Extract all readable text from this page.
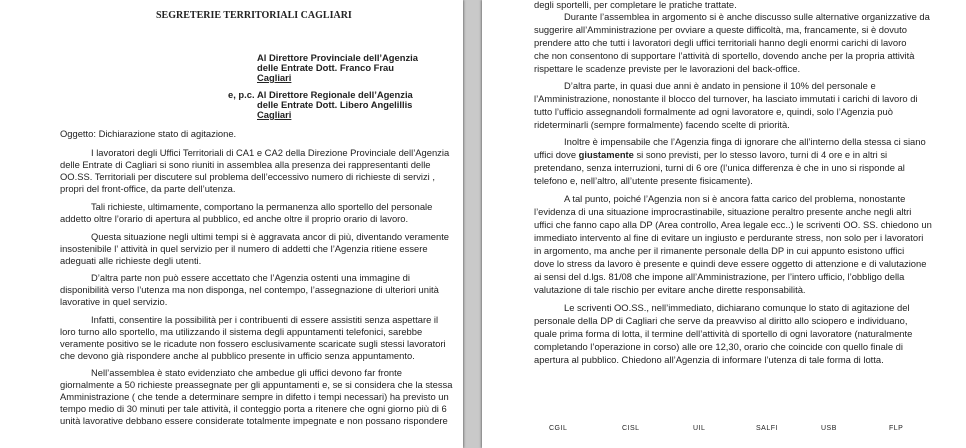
SEGRETERIE TERRITORIALI CAGLIARI
Al Direttore Provinciale dell’Agenzia
delle Entrate Dott. Franco Frau
Cagliari
e, p.c. Al Direttore Regionale dell’Agenzia
delle Entrate Dott. Libero Angelillis
Cagliari
Oggetto: Dichiarazione stato di agitazione.
I lavoratori degli Uffici Territoriali di CA1 e CA2 della Direzione Provinciale dell’Agenzia
delle Entrate di Cagliari si sono riuniti in assemblea alla presenza dei rappresentanti delle
OO.SS. Territoriali per discutere sul problema dell’eccessivo numero di richieste di servizi ,
propri del front-office, da parte dell’utenza.
Tali richieste, ultimamente, comportano la permanenza allo sportello del personale
addetto oltre l’orario di apertura al pubblico, ed anche oltre il proprio orario di lavoro.
Questa situazione negli ultimi tempi si è aggravata ancor di più, diventando veramente
insostenibile l’ attività in quel servizio per il numero di addetti che l’Agenzia ritiene essere
adeguati alle richieste degli utenti.
D’altra parte non può essere accettato che l’Agenzia ostenti una immagine di
disponibilità verso l’utenza ma non disponga, nel contempo, l’assegnazione di ulteriori unità
lavorative in quel servizio.
Infatti, consentire la possibilità per i contribuenti di essere assistiti senza aspettare il
loro turno allo sportello, ma utilizzando il sistema degli appuntamenti telefonici, sarebbe
veramente positivo se le ricadute non fossero esclusivamente scaricate sugli stessi lavoratori
che devono già rispondere anche al pubblico presente in ufficio senza appuntamento.
Nell’assemblea è stato evidenziato che ambedue gli uffici devono far fronte
giornalmente a 50 richieste preassegnate per gli appuntamenti e, se si considera che la stessa
Amministrazione ( che tende a determinare sempre in difetto i tempi necessari) ha previsto un
tempo medio di 30 minuti per tale attività, il conteggio porta a ritenere che ogni giorno più di 6
unità lavorative debbano essere considerate totalmente impegnate e non possano rispondere
degli sportelli, per completare le pratiche trattate.
Durante l’assemblea in argomento si è anche discusso sulle alternative organizzative da
suggerire all’Amministrazione per ovviare a queste difficoltà, ma, francamente, si è dovuto
prendere atto che tutti i lavoratori degli uffici territoriali hanno degli enormi carichi di lavoro
che non consentono di supportare l’attività di sportello, dovendo anche per la propria attività
rispettare le scadenze previste per le lavorazioni del back-office.
D’altra parte, in quasi due anni è andato in pensione il 10% del personale e
l’Amministrazione, nonostante il blocco del turnover, ha lasciato immutati i carichi di lavoro di
tutto l’ufficio assegnandoli formalmente ad ogni lavoratore e, quindi, solo l’Agenzia può
rideterminarli (sempre formalmente) facendo scelte di priorità.
Inoltre è impensabile che l’Agenzia finga di ignorare che all’interno della stessa ci siano
uffici dove giustamente si sono previsti, per lo stesso lavoro, turni di 4 ore e in altri si
pretendano, senza interruzioni, turni di 6 ore (l’unica differenza è che in uno si risponde al
telefono e, nell’altro, all’utente presente fisicamente).
A tal punto, poiché l’Agenzia non si è ancora fatta carico del problema, nonostante
l’evidenza di una situazione improcrastinabile, situazione peraltro presente anche negli altri
uffici che fanno capo alla DP (Area controllo, Area legale ecc..) le scriventi OO. SS. chiedono un
immediato intervento al fine di evitare un ingiusto e perdurante stress, non solo per i lavoratori
in argomento, ma anche per il rimanente personale della DP in cui appunto esistono uffici
dove lo stress da lavoro è presente e quindi deve essere oggetto di attenzione e di valutazione
ai sensi del d.lgs. 81/08 che impone all’Amministrazione, per l’intero ufficio, l’obbligo della
valutazione di tale rischio per evitare anche dirette responsabilità.
Le scriventi OO.SS., nell’immediato, dichiarano comunque lo stato di agitazione del
personale della DP di Cagliari che serve da preavviso al diritto allo sciopero e individuano,
quale prima forma di lotta, il termine dell’attività di sportello di ogni lavoratore (naturalmente
completando l’operazione in corso) alle ore 12,30, orario che coincide con quello finale di
apertura al pubblico. Chiedono all’Agenzia di informare l’utenza di tale forma di lotta.
CGIL	CISL	UIL	SALFI	USB	FLP
